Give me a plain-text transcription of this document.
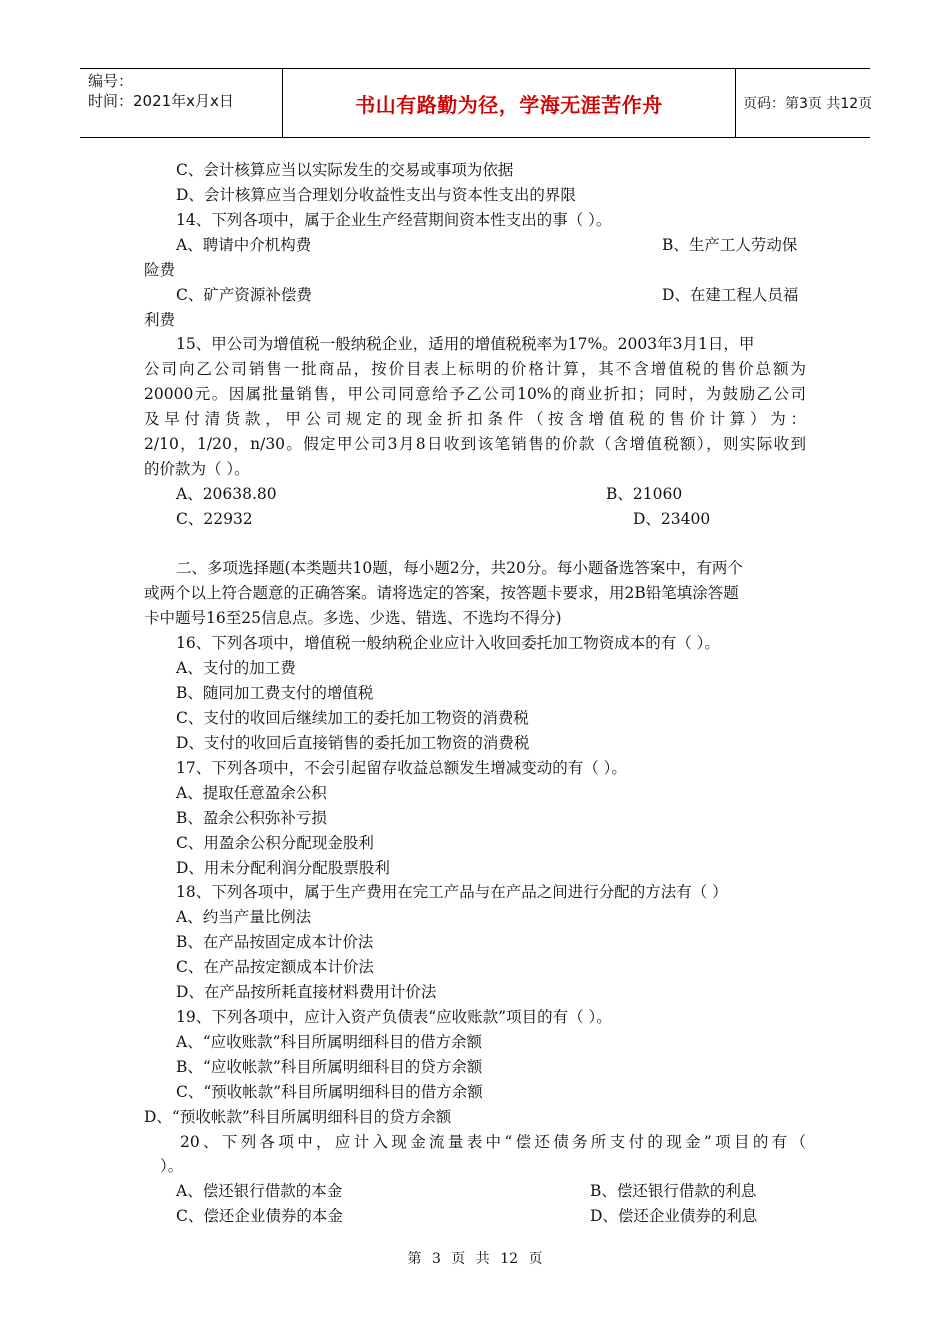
编号：
时间：2021年x月x日	书山有路勤为径，学海无涯苦作舟	页码：第3页 共12页
C、会计核算应当以实际发生的交易或事项为依据
D、会计核算应当合理划分收益性支出与资本性支出的界限
14、下列各项中，属于企业生产经营期间资本性支出的事（ ）。
A、聘请中介机构费	B、生产工人劳动保
险费
C、矿产资源补偿费	D、在建工程人员福
利费
15、甲公司为增值税一般纳税企业，适用的增值税税率为17%。2003年3月1日，甲
公司向乙公司销售一批商品，按价目表上标明的价格计算，其不含增值税的售价总额为
20000元。因属批量销售，甲公司同意给予乙公司10%的商业折扣；同时，为鼓励乙公司
及早付清货款，甲公司规定的现金折扣条件（按含增值税的售价计算）为：
2/10，1/20，n/30。假定甲公司3月8日收到该笔销售的价款（含增值税额），则实际收到
的价款为（ ）。
A、20638.80	B、21060
C、22932	D、23400
二、多项选择题(本类题共10题，每小题2分，共20分。每小题备选答案中，有两个
或两个以上符合题意的正确答案。请将选定的答案，按答题卡要求，用2B铅笔填涂答题
卡中题号16至25信息点。多选、少选、错选、不选均不得分)
16、下列各项中，增值税一般纳税企业应计入收回委托加工物资成本的有（ ）。
A、支付的加工费
B、随同加工费支付的增值税
C、支付的收回后继续加工的委托加工物资的消费税
D、支付的收回后直接销售的委托加工物资的消费税
17、下列各项中，不会引起留存收益总额发生增减变动的有（ ）。
A、提取任意盈余公积
B、盈余公积弥补亏损
C、用盈余公积分配现金股利
D、用未分配利润分配股票股利
18、下列各项中，属于生产费用在完工产品与在产品之间进行分配的方法有（ ）
A、约当产量比例法
B、在产品按固定成本计价法
C、在产品按定额成本计价法
D、在产品按所耗直接材料费用计价法
19、下列各项中，应计入资产负债表“应收账款”项目的有（ ）。
A、“应收账款”科目所属明细科目的借方余额
B、“应收帐款”科目所属明细科目的贷方余额
C、“预收帐款”科目所属明细科目的借方余额
D、“预收帐款”科目所属明细科目的贷方余额
20、下列各项中，应计入现金流量表中“偿还债务所支付的现金”项目的有（
）。
A、偿还银行借款的本金	B、偿还银行借款的利息
C、偿还企业债券的本金	D、偿还企业债券的利息
第 3 页 共 12 页
